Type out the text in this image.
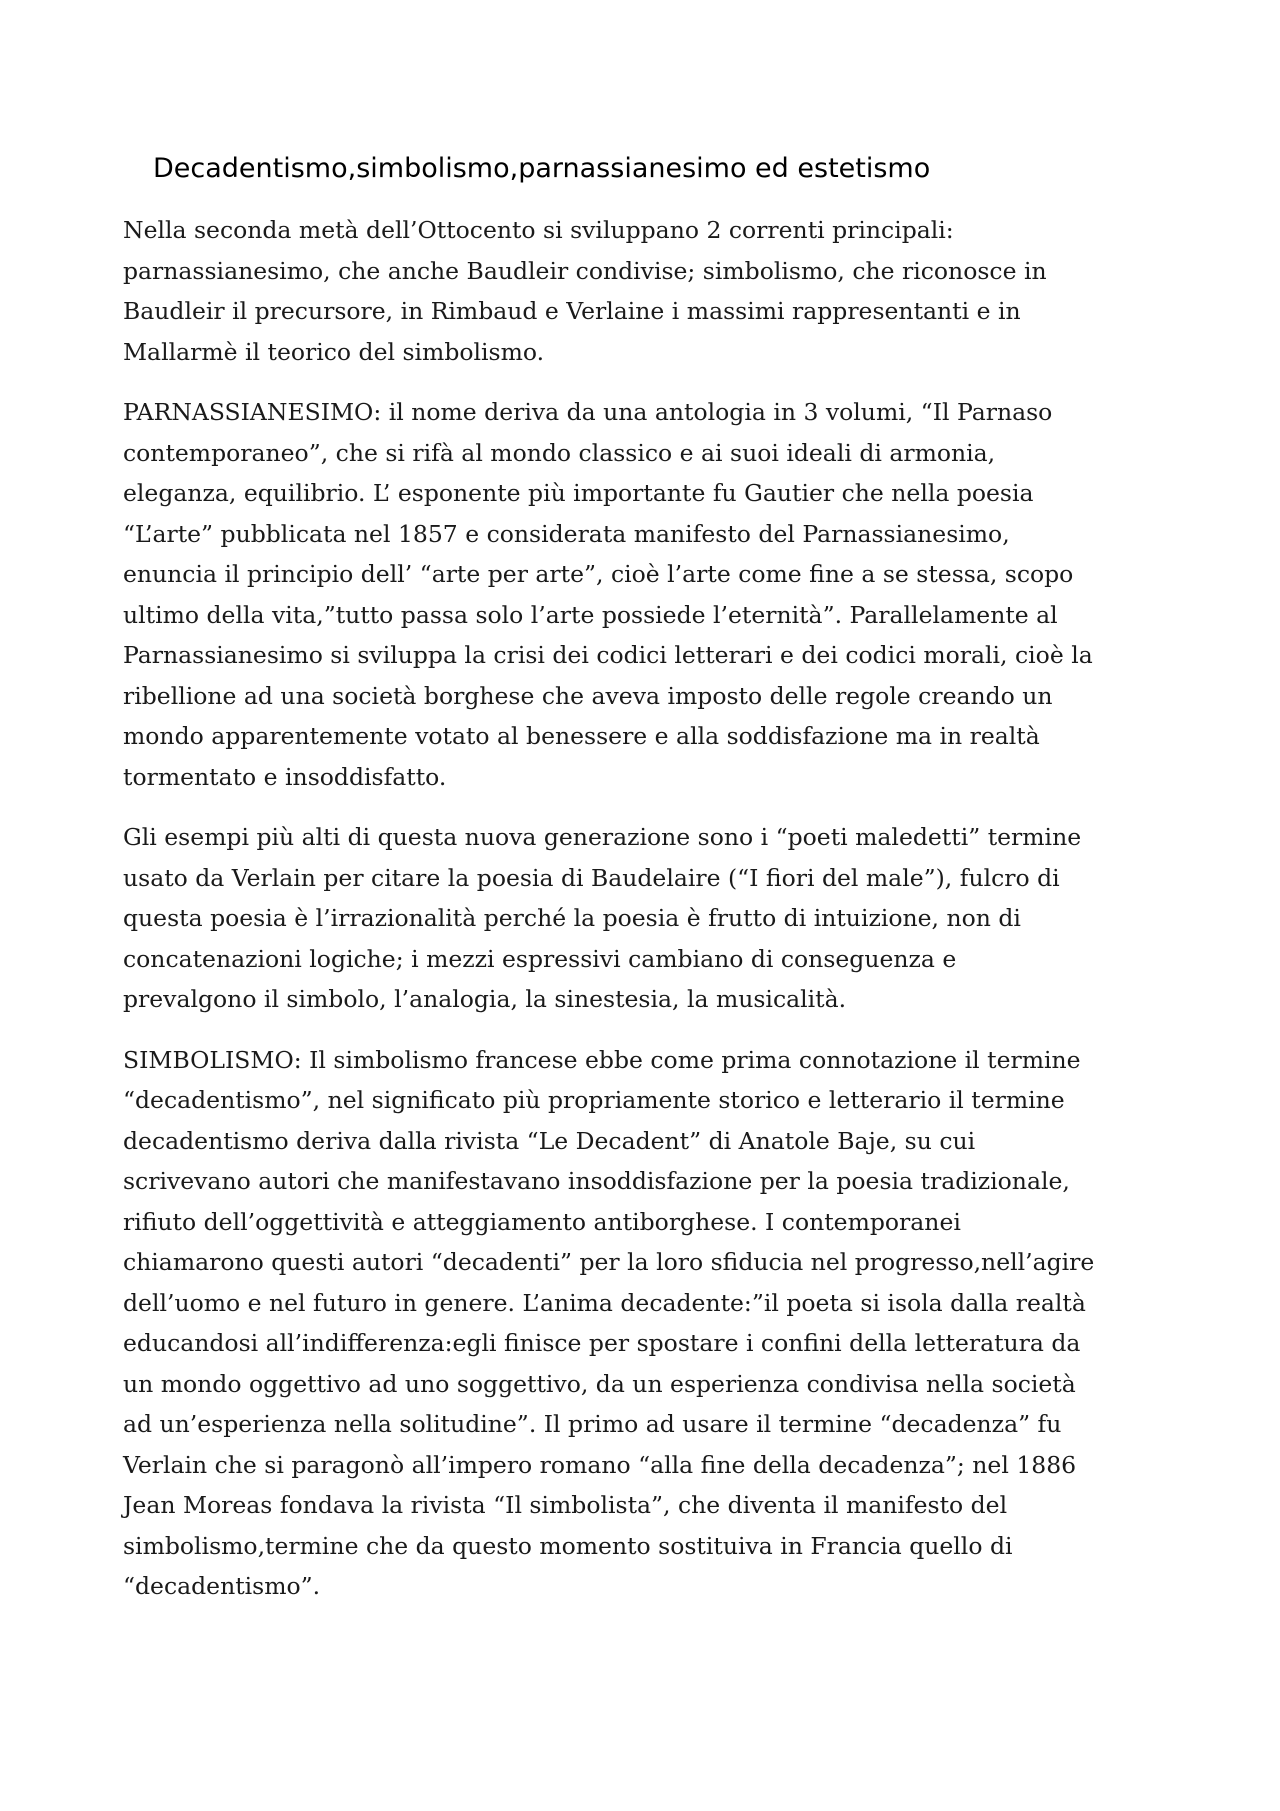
Decadentismo,simbolismo,parnassianesimo ed estetismo

Nella seconda metà dell’Ottocento si sviluppano 2 correnti principali:
parnassianesimo, che anche Baudleir condivise; simbolismo, che riconosce in
Baudleir il precursore, in Rimbaud e Verlaine i massimi rappresentanti e in
Mallarmè il teorico del simbolismo.

PARNASSIANESIMO: il nome deriva da una antologia in 3 volumi, “Il Parnaso
contemporaneo”, che si rifà al mondo classico e ai suoi ideali di armonia,
eleganza, equilibrio. L’ esponente più importante fu Gautier che nella poesia
“L’arte” pubblicata nel 1857 e considerata manifesto del Parnassianesimo,
enuncia il principio dell’ “arte per arte”, cioè l’arte come fine a se stessa, scopo
ultimo della vita,”tutto passa solo l’arte possiede l’eternità”. Parallelamente al
Parnassianesimo si sviluppa la crisi dei codici letterari e dei codici morali, cioè la
ribellione ad una società borghese che aveva imposto delle regole creando un
mondo apparentemente votato al benessere e alla soddisfazione ma in realtà
tormentato e insoddisfatto.

Gli esempi più alti di questa nuova generazione sono i “poeti maledetti” termine
usato da Verlain per citare la poesia di Baudelaire (“I fiori del male”), fulcro di
questa poesia è l’irrazionalità perché la poesia è frutto di intuizione, non di
concatenazioni logiche; i mezzi espressivi cambiano di conseguenza e
prevalgono il simbolo, l’analogia, la sinestesia, la musicalità.

SIMBOLISMO: Il simbolismo francese ebbe come prima connotazione il termine
“decadentismo”, nel significato più propriamente storico e letterario il termine
decadentismo deriva dalla rivista “Le Decadent” di Anatole Baje, su cui
scrivevano autori che manifestavano insoddisfazione per la poesia tradizionale,
rifiuto dell’oggettività e atteggiamento antiborghese. I contemporanei
chiamarono questi autori “decadenti” per la loro sfiducia nel progresso,nell’agire
dell’uomo e nel futuro in genere. L’anima decadente:”il poeta si isola dalla realtà
educandosi all’indifferenza:egli finisce per spostare i confini della letteratura da
un mondo oggettivo ad uno soggettivo, da un esperienza condivisa nella società
ad un’esperienza nella solitudine”. Il primo ad usare il termine “decadenza” fu
Verlain che si paragonò all’impero romano “alla fine della decadenza”; nel 1886
Jean Moreas fondava la rivista “Il simbolista”, che diventa il manifesto del
simbolismo,termine che da questo momento sostituiva in Francia quello di
“decadentismo”.
